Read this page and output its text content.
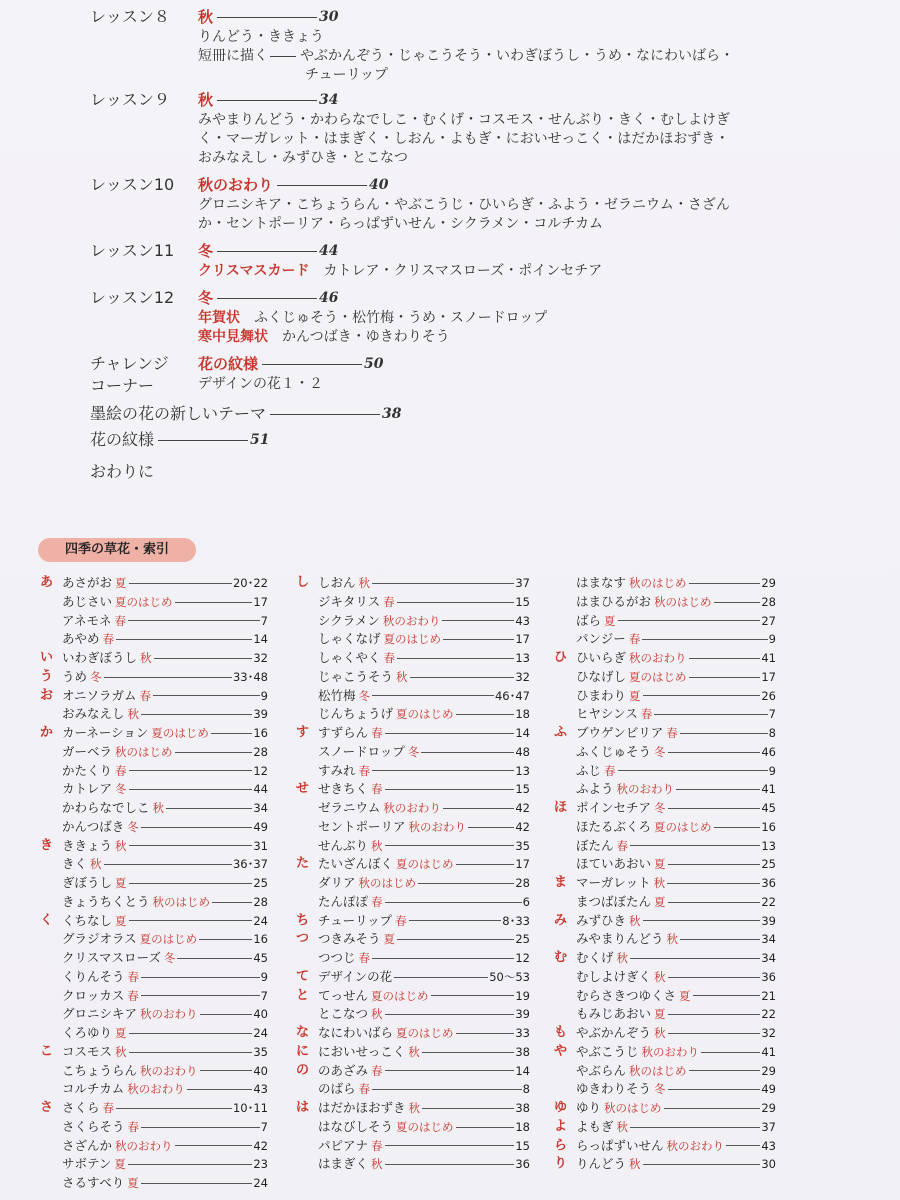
レッスン８	秋	30
りんどう・ききょう
短冊に描く やぶかんぞう・じゃこうそう・いわぎぼうし・うめ・なにわいばら・
チューリップ
レッスン９	秋	34
みやまりんどう・かわらなでしこ・むくげ・コスモス・せんぶり・きく・むしよけぎ
く・マーガレット・はまぎく・しおん・よもぎ・においせっこく・はだかほおずき・
おみなえし・みずひき・とこなつ
レッスン10	秋のおわり	40
グロニシキア・こちょうらん・やぶこうじ・ひいらぎ・ふよう・ゼラニウム・さざん
か・セントポーリア・らっぱずいせん・シクラメン・コルチカム
レッスン11	冬	44
クリスマスカード カトレア・クリスマスローズ・ポインセチア
レッスン12	冬	46
年賀状 ふくじゅそう・松竹梅・うめ・スノードロップ
寒中見舞状 かんつばき・ゆきわりそう
チャレンジ
コーナー
花の紋様	50
デザインの花１・２
墨絵の花の新しいテーマ	38
花の紋様	51
おわりに
四季の草花・索引
あ あさがお 夏	20･22
あじさい 夏のはじめ	17
アネモネ 春	7
あやめ 春	14
い いわぎぼうし 秋	32
う うめ 冬	33･48
お オニソラガム 春	9
おみなえし 秋	39
か カーネーション 夏のはじめ	16
ガーベラ 秋のはじめ	28
かたくり 春	12
カトレア 冬	44
かわらなでしこ 秋	34
かんつばき 冬	49
き ききょう 秋	31
きく 秋	36･37
ぎぼうし 夏	25
きょうちくとう 秋のはじめ	28
く くちなし 夏	24
グラジオラス 夏のはじめ	16
クリスマスローズ 冬	45
くりんそう 春	9
クロッカス 春	7
グロニシキア 秋のおわり	40
くろゆり 夏	24
こ コスモス 秋	35
こちょうらん 秋のおわり	40
コルチカム 秋のおわり	43
さ さくら 春	10･11
さくらそう 春	7
さざんか 秋のおわり	42
サボテン 夏	23
さるすべり 夏	24
し しおん 秋	37
ジキタリス 春	15
シクラメン 秋のおわり	43
しゃくなげ 夏のはじめ	17
しゃくやく 春	13
じゃこうそう 秋	32
松竹梅 冬	46･47
じんちょうげ 夏のはじめ	18
す すずらん 春	14
スノードロップ 冬	48
すみれ 春	13
せ せきちく 春	15
ゼラニウム 秋のおわり	42
セントポーリア 秋のおわり	42
せんぶり 秋	35
た たいざんぼく 夏のはじめ	17
ダリア 秋のはじめ	28
たんぽぽ 春	6
ち チューリップ 春	8･33
つ つきみそう 夏	25
つつじ 春	12
て デザインの花	50～53
と てっせん 夏のはじめ	19
とこなつ 秋	39
な なにわいばら 夏のはじめ	33
に においせっこく 秋	38
の のあざみ 春	14
のばら 春	8
は はだかほおずき 秋	38
はなびしそう 夏のはじめ	18
パピアナ 春	15
はまぎく 秋	36
はまなす 秋のはじめ	29
はまひるがお 秋のはじめ	28
ばら 夏	27
パンジー 春	9
ひ ひいらぎ 秋のおわり	41
ひなげし 夏のはじめ	17
ひまわり 夏	26
ヒヤシンス 春	7
ふ ブウゲンビリア 春	8
ふくじゅそう 冬	46
ふじ 春	9
ふよう 秋のおわり	41
ほ ポインセチア 冬	45
ほたるぶくろ 夏のはじめ	16
ぼたん 春	13
ほていあおい 夏	25
ま マーガレット 秋	36
まつばぼたん 夏	22
み みずひき 秋	39
みやまりんどう 秋	34
む むくげ 秋	34
むしよけぎく 秋	36
むらさきつゆくさ 夏	21
もみじあおい 夏	22
も やぶかんぞう 秋	32
や やぶこうじ 秋のおわり	41
やぶらん 秋のはじめ	29
ゆきわりそう 冬	49
ゆ ゆり 秋のはじめ	29
よ よもぎ 秋	37
ら らっぱずいせん 秋のおわり	43
り りんどう 秋	30
